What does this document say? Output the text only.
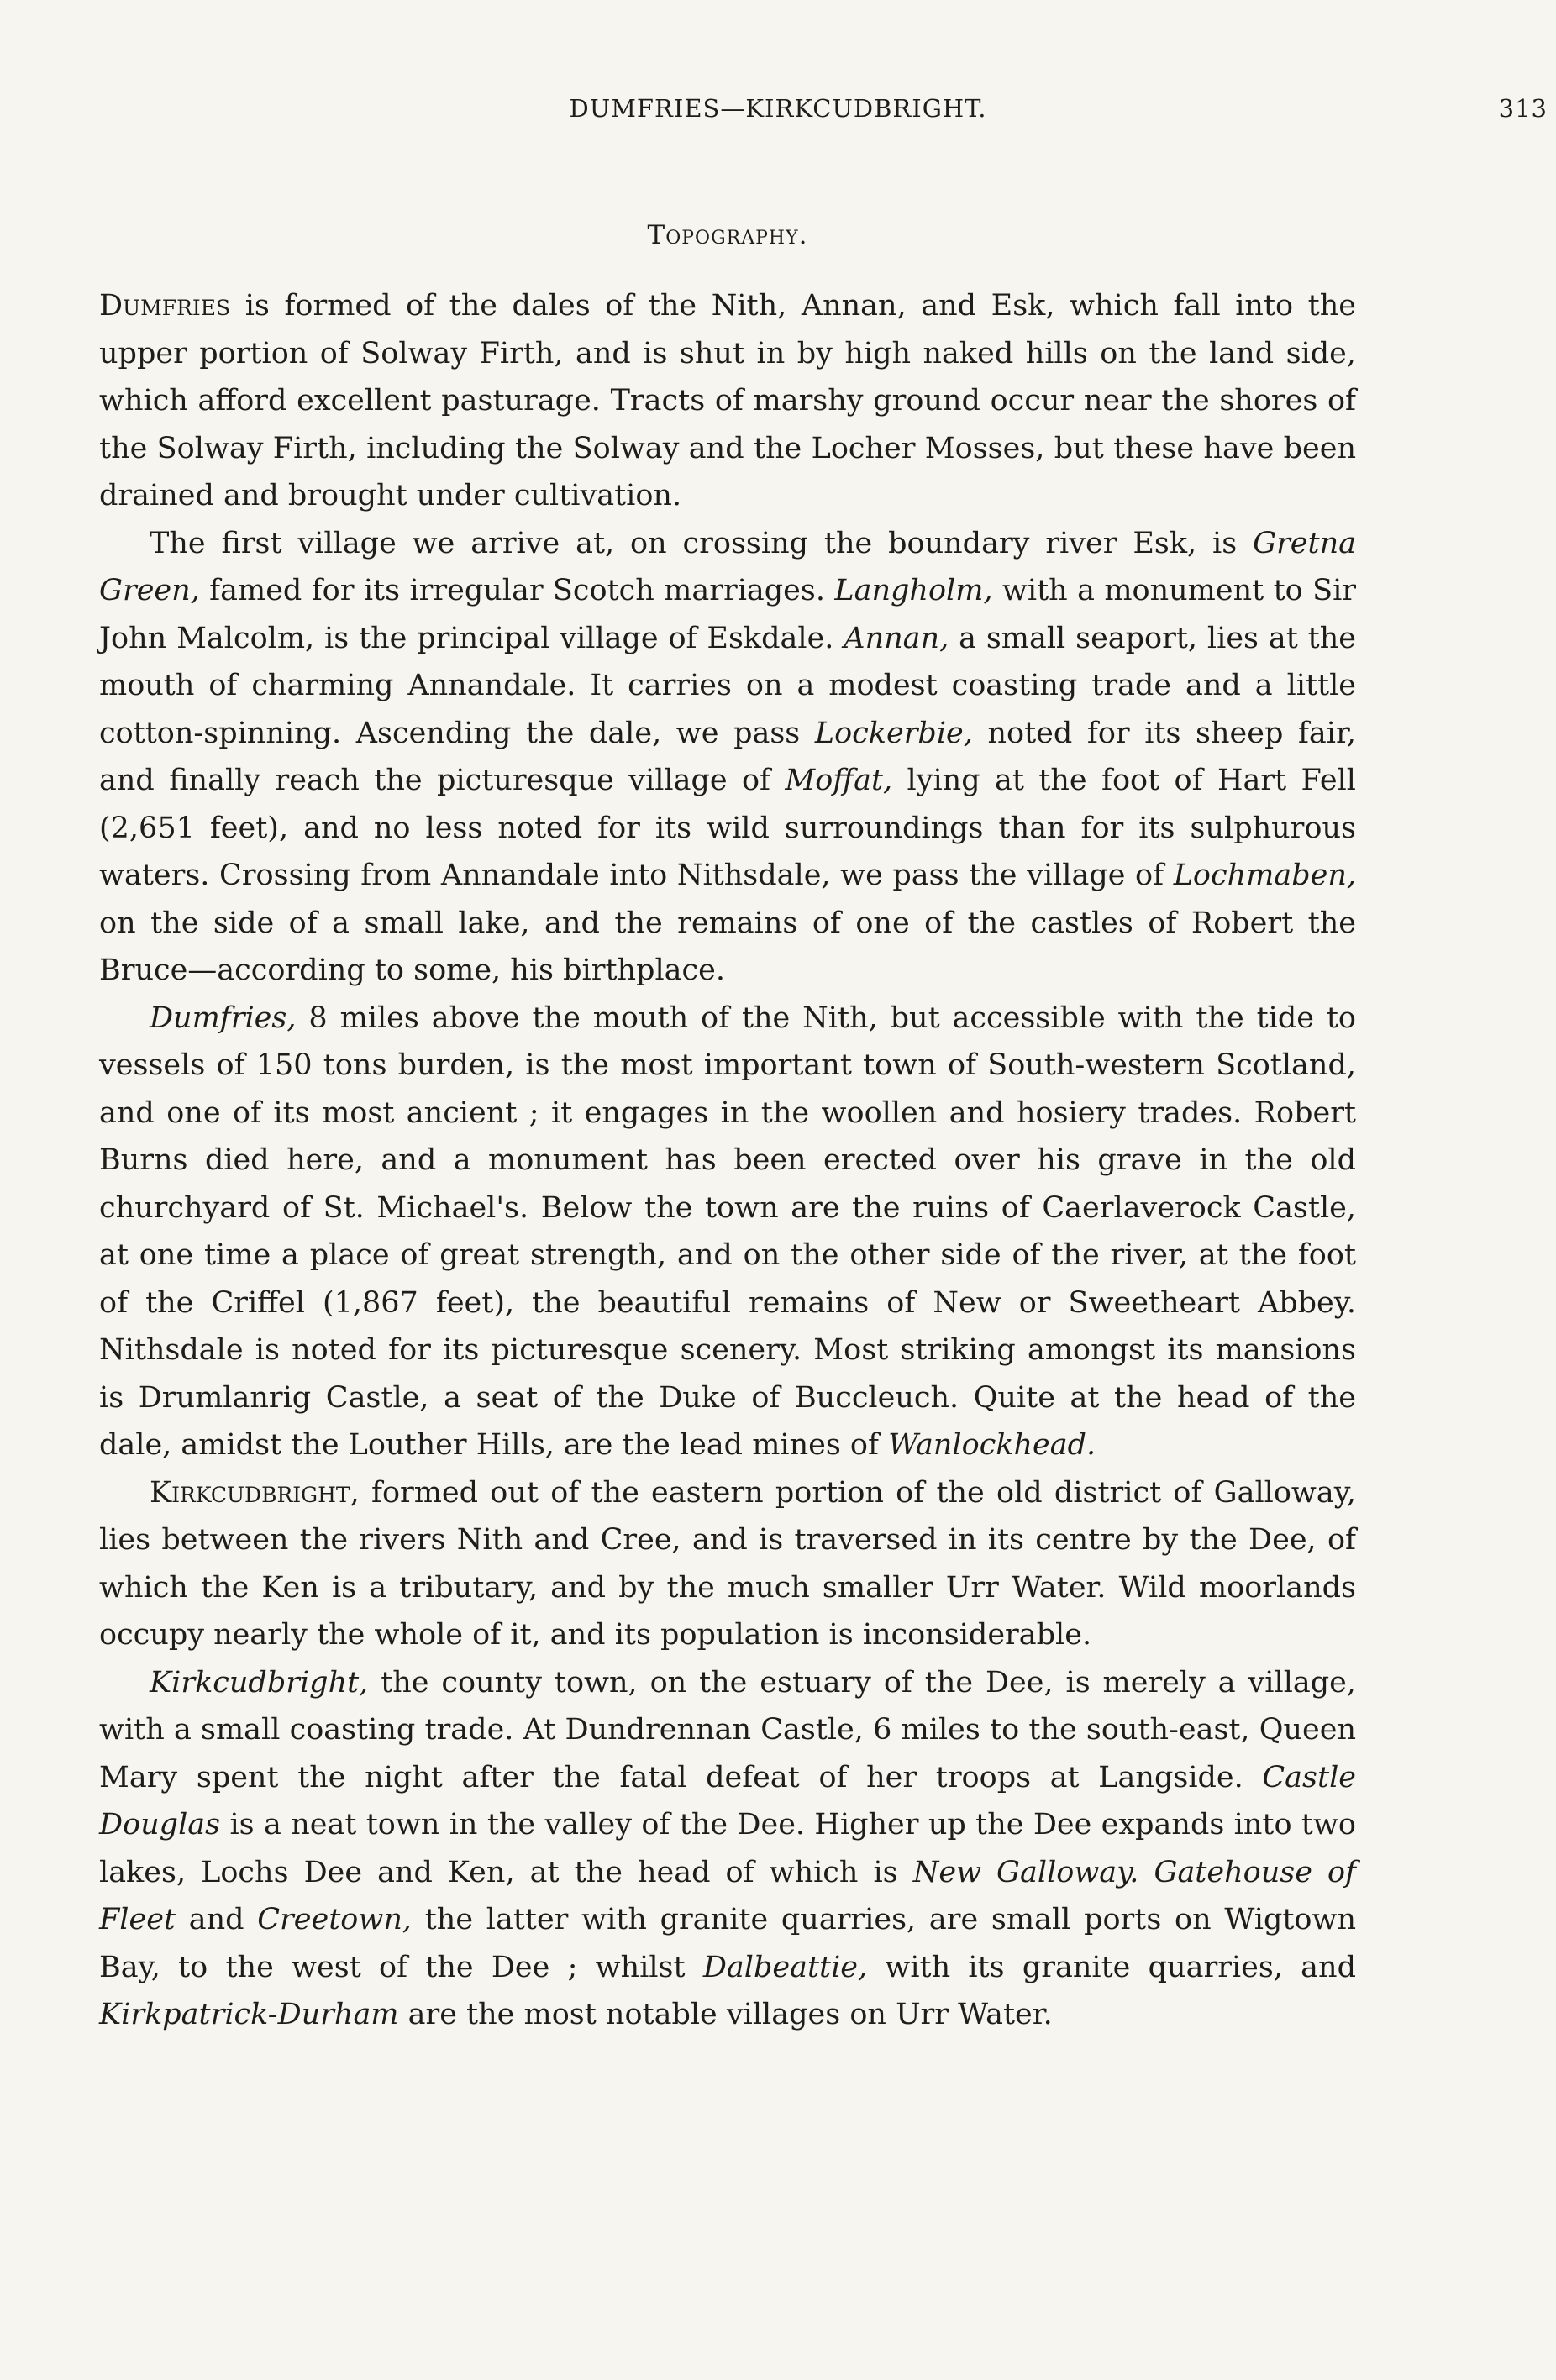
DUMFRIES—KIRKCUDBRIGHT.	313
Topography.

Dumfries is formed of the dales of the Nith, Annan, and Esk, which fall into the upper portion of Solway Firth, and is shut in by high naked hills on the land side, which afford excellent pasturage. Tracts of marshy ground occur near the shores of the Solway Firth, including the Solway and the Locher Mosses, but these have been drained and brought under cultivation.

The first village we arrive at, on crossing the boundary river Esk, is Gretna Green, famed for its irregular Scotch marriages. Langholm, with a monument to Sir John Malcolm, is the principal village of Eskdale. Annan, a small seaport, lies at the mouth of charming Annandale. It carries on a modest coasting trade and a little cotton-spinning. Ascending the dale, we pass Lockerbie, noted for its sheep fair, and finally reach the picturesque village of Moffat, lying at the foot of Hart Fell (2,651 feet), and no less noted for its wild surroundings than for its sulphurous waters. Crossing from Annandale into Nithsdale, we pass the village of Lochmaben, on the side of a small lake, and the remains of one of the castles of Robert the Bruce—according to some, his birthplace.

Dumfries, 8 miles above the mouth of the Nith, but accessible with the tide to vessels of 150 tons burden, is the most important town of South-western Scotland, and one of its most ancient ; it engages in the woollen and hosiery trades. Robert Burns died here, and a monument has been erected over his grave in the old churchyard of St. Michael's. Below the town are the ruins of Caerlaverock Castle, at one time a place of great strength, and on the other side of the river, at the foot of the Criffel (1,867 feet), the beautiful remains of New or Sweetheart Abbey. Nithsdale is noted for its picturesque scenery. Most striking amongst its mansions is Drumlanrig Castle, a seat of the Duke of Buccleuch. Quite at the head of the dale, amidst the Louther Hills, are the lead mines of Wanlockhead.

Kirkcudbright, formed out of the eastern portion of the old district of Galloway, lies between the rivers Nith and Cree, and is traversed in its centre by the Dee, of which the Ken is a tributary, and by the much smaller Urr Water. Wild moorlands occupy nearly the whole of it, and its population is inconsiderable.

Kirkcudbright, the county town, on the estuary of the Dee, is merely a village, with a small coasting trade. At Dundrennan Castle, 6 miles to the south-east, Queen Mary spent the night after the fatal defeat of her troops at Langside. Castle Douglas is a neat town in the valley of the Dee. Higher up the Dee expands into two lakes, Lochs Dee and Ken, at the head of which is New Galloway. Gatehouse of Fleet and Creetown, the latter with granite quarries, are small ports on Wigtown Bay, to the west of the Dee ; whilst Dalbeattie, with its granite quarries, and Kirkpatrick-Durham are the most notable villages on Urr Water.
